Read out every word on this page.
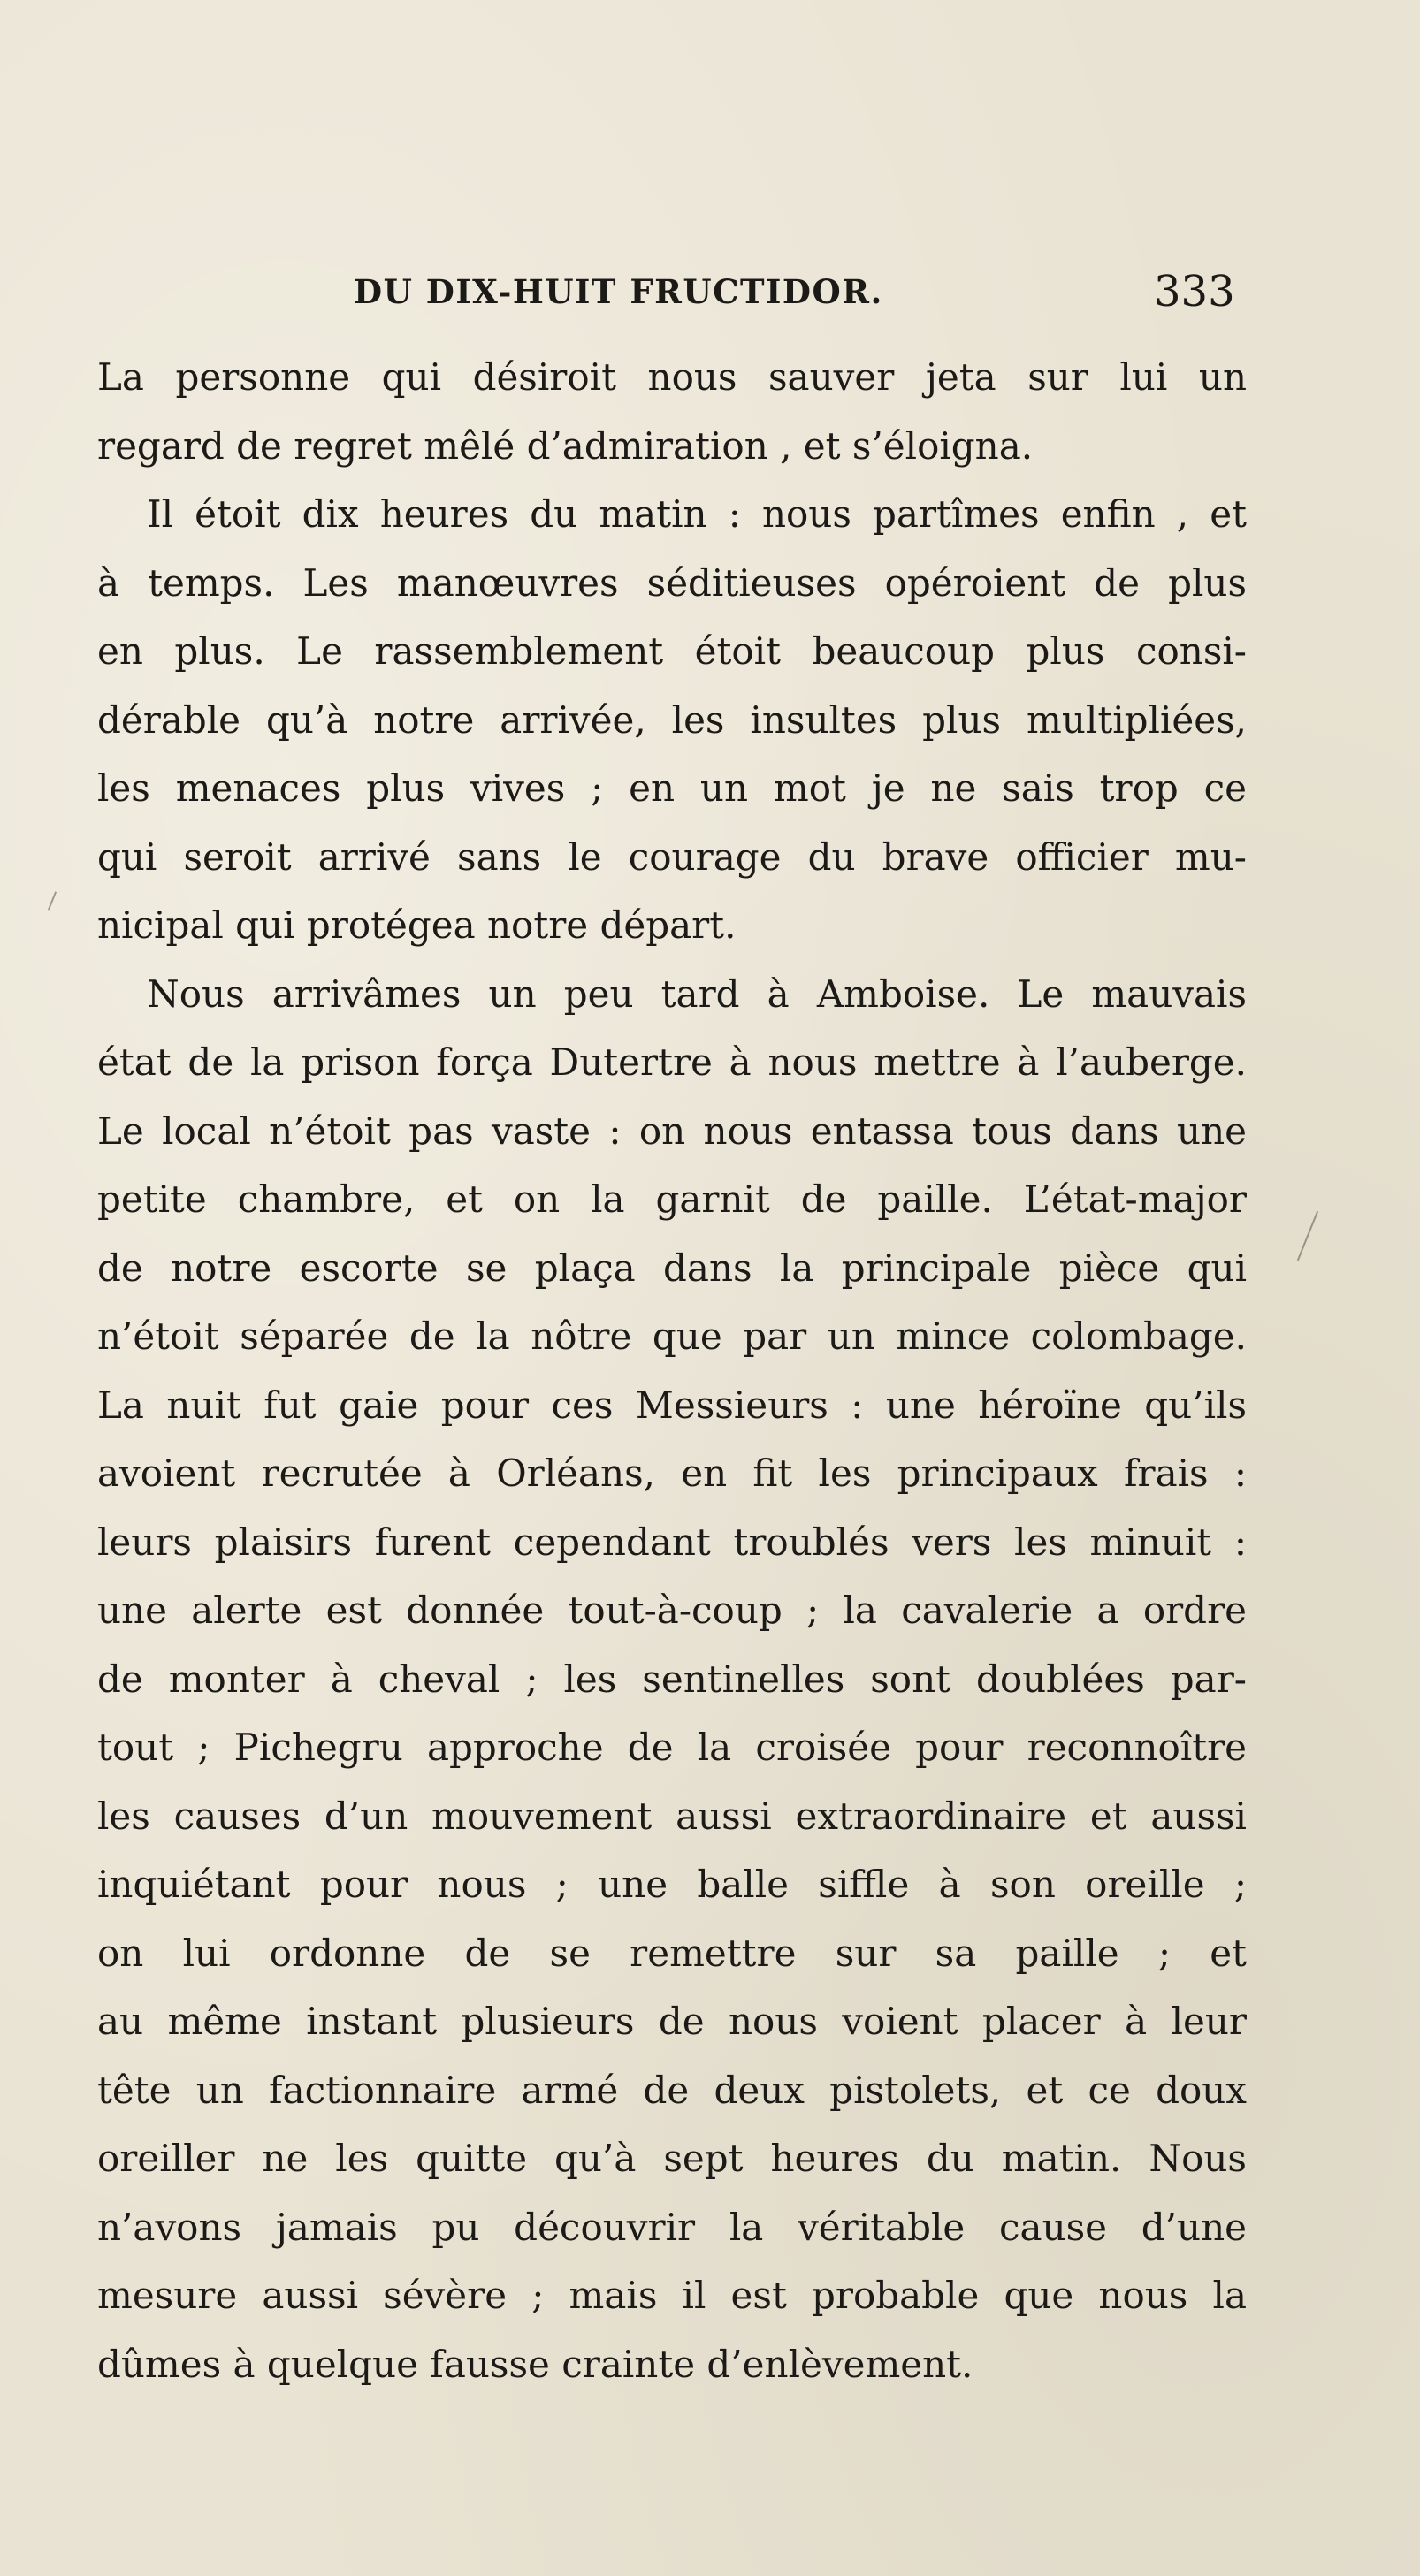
DU DIX-HUIT FRUCTIDOR.	333
La personne qui désiroit nous sauver jeta sur lui un
regard de regret mêlé d’admiration , et s’éloigna.
Il étoit dix heures du matin : nous partîmes enfin , et
à temps. Les manœuvres séditieuses opéroient de plus
en plus. Le rassemblement étoit beaucoup plus consi-
dérable qu’à notre arrivée, les insultes plus multipliées,
les menaces plus vives ; en un mot je ne sais trop ce
qui seroit arrivé sans le courage du brave officier mu-
nicipal qui protégea notre départ.
Nous arrivâmes un peu tard à Amboise. Le mauvais
état de la prison força Dutertre à nous mettre à l’auberge.
Le local n’étoit pas vaste : on nous entassa tous dans une
petite chambre, et on la garnit de paille. L’état-major
de notre escorte se plaça dans la principale pièce qui
n’étoit séparée de la nôtre que par un mince colombage.
La nuit fut gaie pour ces Messieurs : une héroïne qu’ils
avoient recrutée à Orléans, en fit les principaux frais :
leurs plaisirs furent cependant troublés vers les minuit :
une alerte est donnée tout-à-coup ; la cavalerie a ordre
de monter à cheval ; les sentinelles sont doublées par-
tout ; Pichegru approche de la croisée pour reconnoître
les causes d’un mouvement aussi extraordinaire et aussi
inquiétant pour nous ; une balle siffle à son oreille ;
on lui ordonne de se remettre sur sa paille ; et
au même instant plusieurs de nous voient placer à leur
tête un factionnaire armé de deux pistolets, et ce doux
oreiller ne les quitte qu’à sept heures du matin. Nous
n’avons jamais pu découvrir la véritable cause d’une
mesure aussi sévère ; mais il est probable que nous la
dûmes à quelque fausse crainte d’enlèvement.
